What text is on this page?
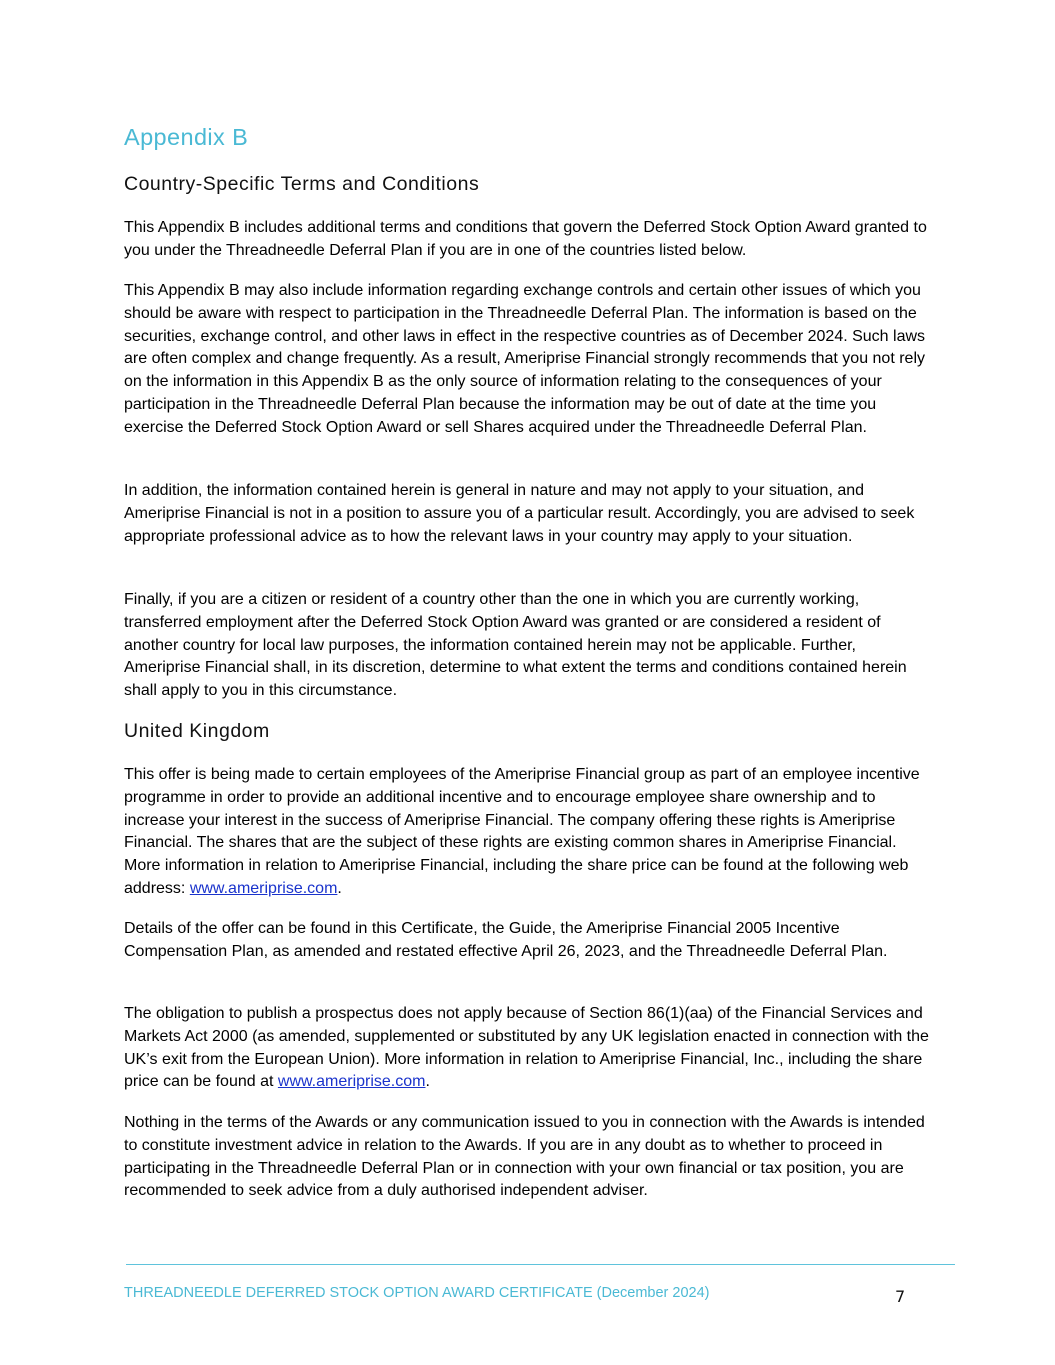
Appendix B
Country-Specific Terms and Conditions

This Appendix B includes additional terms and conditions that govern the Deferred Stock Option Award granted to you under the Threadneedle Deferral Plan if you are in one of the countries listed below.

This Appendix B may also include information regarding exchange controls and certain other issues of which you should be aware with respect to participation in the Threadneedle Deferral Plan. The information is based on the securities, exchange control, and other laws in effect in the respective countries as of December 2024. Such laws are often complex and change frequently. As a result, Ameriprise Financial strongly recommends that you not rely on the information in this Appendix B as the only source of information relating to the consequences of your participation in the Threadneedle Deferral Plan because the information may be out of date at the time you exercise the Deferred Stock Option Award or sell Shares acquired under the Threadneedle Deferral Plan.

In addition, the information contained herein is general in nature and may not apply to your situation, and Ameriprise Financial is not in a position to assure you of a particular result. Accordingly, you are advised to seek appropriate professional advice as to how the relevant laws in your country may apply to your situation.

Finally, if you are a citizen or resident of a country other than the one in which you are currently working, transferred employment after the Deferred Stock Option Award was granted or are considered a resident of another country for local law purposes, the information contained herein may not be applicable. Further, Ameriprise Financial shall, in its discretion, determine to what extent the terms and conditions contained herein shall apply to you in this circumstance.

United Kingdom

This offer is being made to certain employees of the Ameriprise Financial group as part of an employee incentive programme in order to provide an additional incentive and to encourage employee share ownership and to increase your interest in the success of Ameriprise Financial. The company offering these rights is Ameriprise Financial. The shares that are the subject of these rights are existing common shares in Ameriprise Financial. More information in relation to Ameriprise Financial, including the share price can be found at the following web address: www.ameriprise.com.

Details of the offer can be found in this Certificate, the Guide, the Ameriprise Financial 2005 Incentive Compensation Plan, as amended and restated effective April 26, 2023, and the Threadneedle Deferral Plan.

The obligation to publish a prospectus does not apply because of Section 86(1)(aa) of the Financial Services and Markets Act 2000 (as amended, supplemented or substituted by any UK legislation enacted in connection with the UK’s exit from the European Union). More information in relation to Ameriprise Financial, Inc., including the share price can be found at www.ameriprise.com.

Nothing in the terms of the Awards or any communication issued to you in connection with the Awards is intended to constitute investment advice in relation to the Awards. If you are in any doubt as to whether to proceed in participating in the Threadneedle Deferral Plan or in connection with your own financial or tax position, you are recommended to seek advice from a duly authorised independent adviser.

THREADNEEDLE DEFERRED STOCK OPTION AWARD CERTIFICATE (December 2024)	7
